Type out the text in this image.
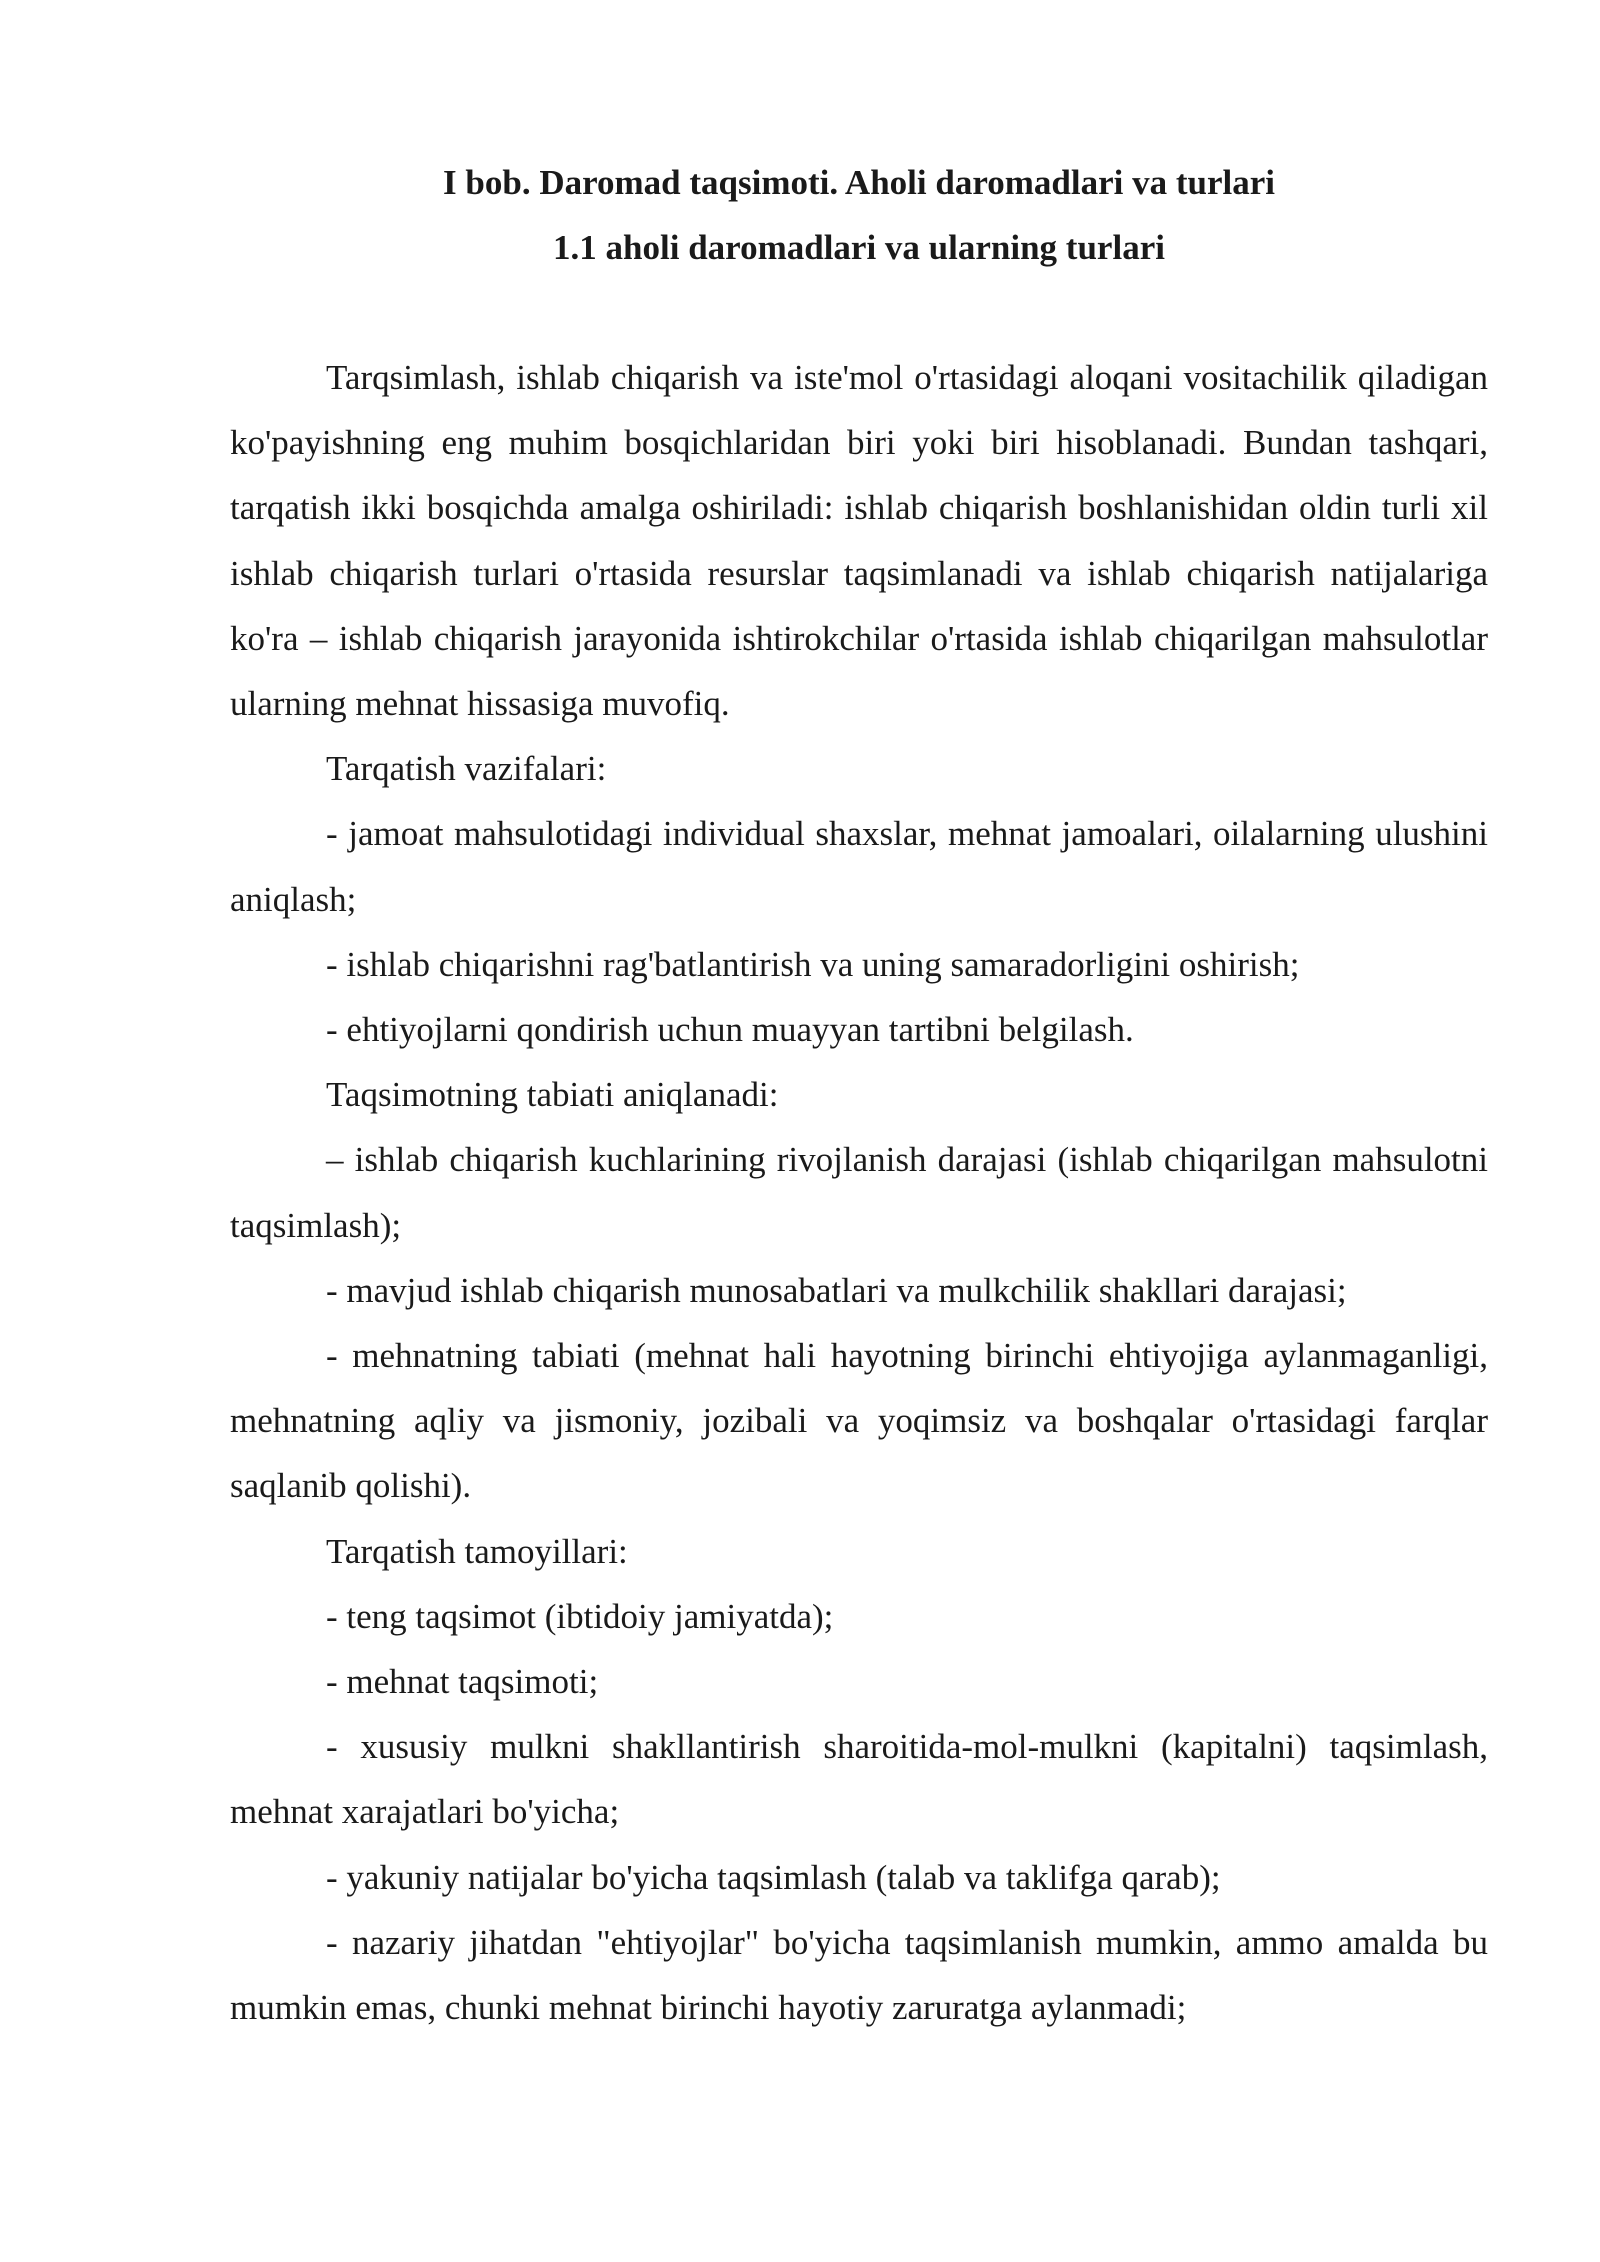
I bob. Daromad taqsimoti. Aholi daromadlari va turlari

1.1 aholi daromadlari va ularning turlari

Tarqsimlash, ishlab chiqarish va iste'mol o'rtasidagi aloqani vositachilik qiladigan ko'payishning eng muhim bosqichlaridan biri yoki biri hisoblanadi. Bundan tashqari, tarqatish ikki bosqichda amalga oshiriladi: ishlab chiqarish boshlanishidan oldin turli xil ishlab chiqarish turlari o'rtasida resurslar taqsimlanadi va ishlab chiqarish natijalariga ko'ra – ishlab chiqarish jarayonida ishtirokchilar o'rtasida ishlab chiqarilgan mahsulotlar ularning mehnat hissasiga muvofiq.

Tarqatish vazifalari:

- jamoat mahsulotidagi individual shaxslar, mehnat jamoalari, oilalarning ulushini aniqlash;

- ishlab chiqarishni rag'batlantirish va uning samaradorligini oshirish;

- ehtiyojlarni qondirish uchun muayyan tartibni belgilash.

Taqsimotning tabiati aniqlanadi:

– ishlab chiqarish kuchlarining rivojlanish darajasi (ishlab chiqarilgan mahsulotni taqsimlash);

- mavjud ishlab chiqarish munosabatlari va mulkchilik shakllari darajasi;

- mehnatning tabiati (mehnat hali hayotning birinchi ehtiyojiga aylanmaganligi, mehnatning aqliy va jismoniy, jozibali va yoqimsiz va boshqalar o'rtasidagi farqlar saqlanib qolishi).

Tarqatish tamoyillari:

- teng taqsimot (ibtidoiy jamiyatda);

- mehnat taqsimoti;

- xususiy mulkni shakllantirish sharoitida-mol-mulkni (kapitalni) taqsimlash, mehnat xarajatlari bo'yicha;

- yakuniy natijalar bo'yicha taqsimlash (talab va taklifga qarab);

- nazariy jihatdan "ehtiyojlar" bo'yicha taqsimlanish mumkin, ammo amalda bu mumkin emas, chunki mehnat birinchi hayotiy zaruratga aylanmadi;
